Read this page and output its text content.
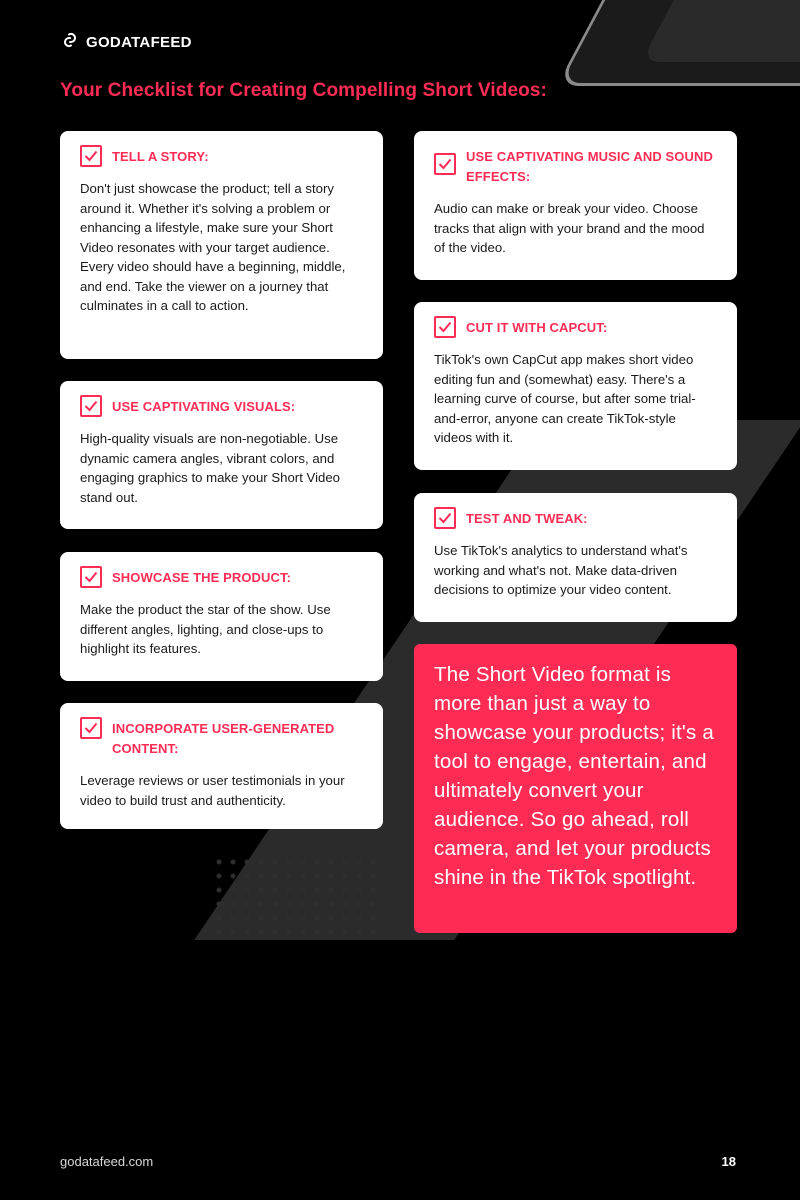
GODATAFEED
Your Checklist for Creating Compelling Short Videos:
TELL A STORY:
Don't just showcase the product; tell a story around it. Whether it's solving a problem or enhancing a lifestyle, make sure your Short Video resonates with your target audience. Every video should have a beginning, middle, and end. Take the viewer on a journey that culminates in a call to action.
USE CAPTIVATING VISUALS:
High-quality visuals are non-negotiable. Use dynamic camera angles, vibrant colors, and engaging graphics to make your Short Video stand out.
SHOWCASE THE PRODUCT:
Make the product the star of the show. Use different angles, lighting, and close-ups to highlight its features.
INCORPORATE USER-GENERATED CONTENT:
Leverage reviews or user testimonials in your video to build trust and authenticity.
USE CAPTIVATING MUSIC AND SOUND EFFECTS:
Audio can make or break your video. Choose tracks that align with your brand and the mood of the video.
CUT IT WITH CAPCUT:
TikTok's own CapCut app makes short video editing fun and (somewhat) easy. There's a learning curve of course, but after some trial-and-error, anyone can create TikTok-style videos with it.
TEST AND TWEAK:
Use TikTok's analytics to understand what's working and what's not. Make data-driven decisions to optimize your video content.
The Short Video format is more than just a way to showcase your products; it's a tool to engage, entertain, and ultimately convert your audience. So go ahead, roll camera, and let your products shine in the TikTok spotlight.
godatafeed.com	18
